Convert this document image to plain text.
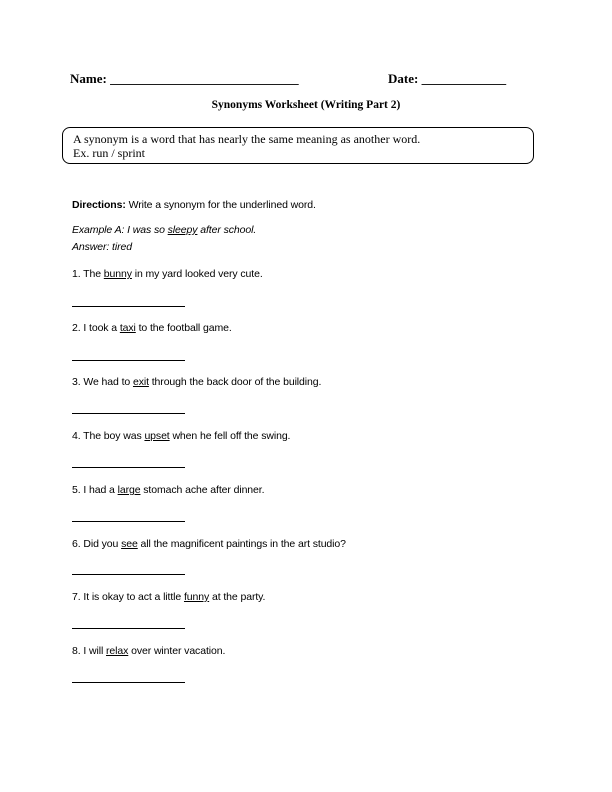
Name: _____________________________	Date: _____________
Synonyms Worksheet (Writing Part 2)
A synonym is a word that has nearly the same meaning as another word.
Ex. run / sprint
Directions: Write a synonym for the underlined word.
Example A: I was so sleepy after school.
Answer: tired
1. The bunny in my yard looked very cute.
2. I took a taxi to the football game.
3. We had to exit through the back door of the building.
4. The boy was upset when he fell off the swing.
5. I had a large stomach ache after dinner.
6. Did you see all the magnificent paintings in the art studio?
7. It is okay to act a little funny at the party.
8. I will relax over winter vacation.
